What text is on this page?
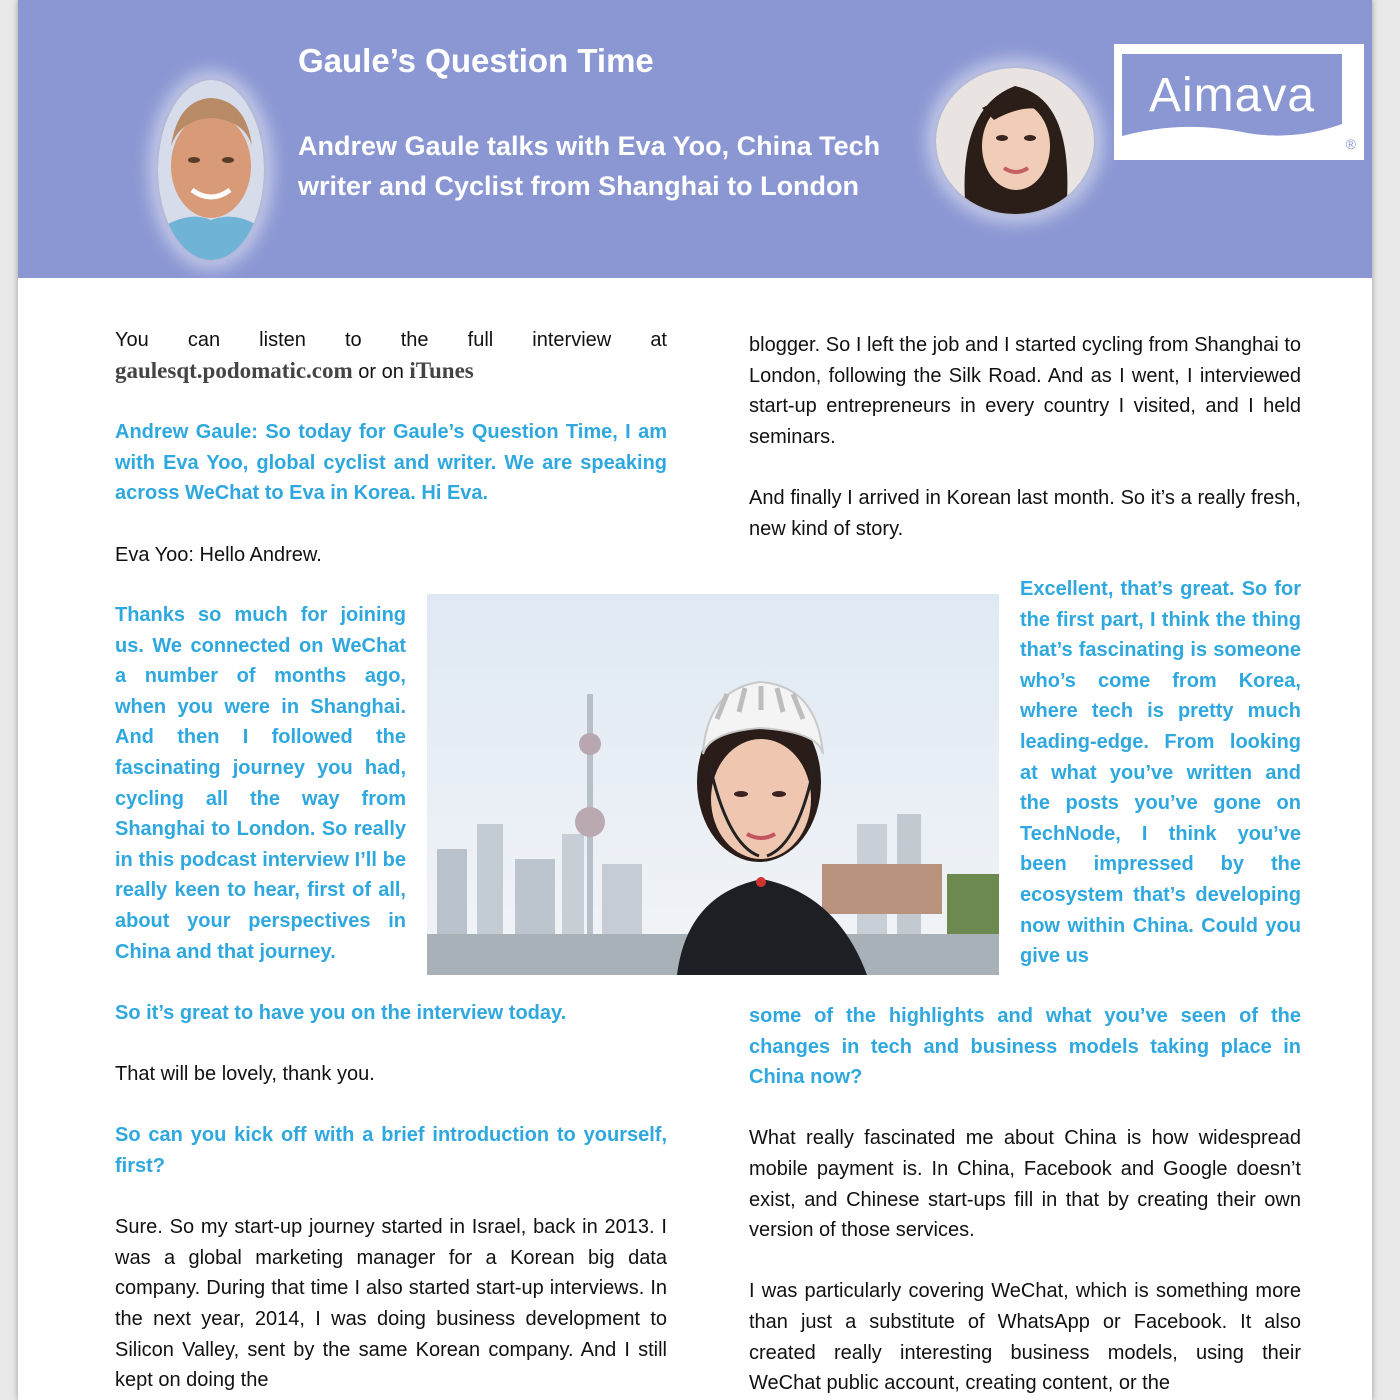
Gaule’s Question Time
Andrew Gaule talks with Eva Yoo, China Tech writer and Cyclist from Shanghai to London
Aimava
®

You can listen to the full interview at

gaulesqt.podomatic.com or on iTunes

Andrew Gaule: So today for Gaule’s Question Time, I am with Eva Yoo, global cyclist and writer. We are speaking across WeChat to Eva in Korea. Hi Eva.

Eva Yoo: Hello Andrew.

Thanks so much for joining us. We connected on WeChat a number of months ago, when you were in Shanghai. And then I followed the fascinating journey you had, cycling all the way from Shanghai to London. So really in this podcast interview I’ll be really keen to hear, first of all, about your perspectives in China and that journey.

So it’s great to have you on the interview today.

That will be lovely, thank you.

So can you kick off with a brief introduction to yourself, first?

Sure. So my start-up journey started in Israel, back in 2013. I was a global marketing manager for a Korean big data company. During that time I also started start-up interviews. In the next year, 2014, I was doing business development to Silicon Valley, sent by the same Korean company. And I still kept on doing the

blogger. So I left the job and I started cycling from Shanghai to London, following the Silk Road. And as I went, I interviewed start-up entrepreneurs in every country I visited, and I held seminars.

And finally I arrived in Korean last month. So it’s a really fresh, new kind of story.

Excellent, that’s great. So for the first part, I think the thing that’s fascinating is someone who’s come from Korea, where tech is pretty much leading-edge. From looking at what you’ve written and the posts you’ve gone on TechNode, I think you’ve been impressed by the ecosystem that’s developing now within China. Could you give us

some of the highlights and what you’ve seen of the changes in tech and business models taking place in China now?

What really fascinated me about China is how widespread mobile payment is. In China, Facebook and Google doesn’t exist, and Chinese start-ups fill in that by creating their own version of those services.

I was particularly covering WeChat, which is something more than just a substitute of WhatsApp or Facebook. It also created really interesting business models, using their WeChat public account, creating content, or the
